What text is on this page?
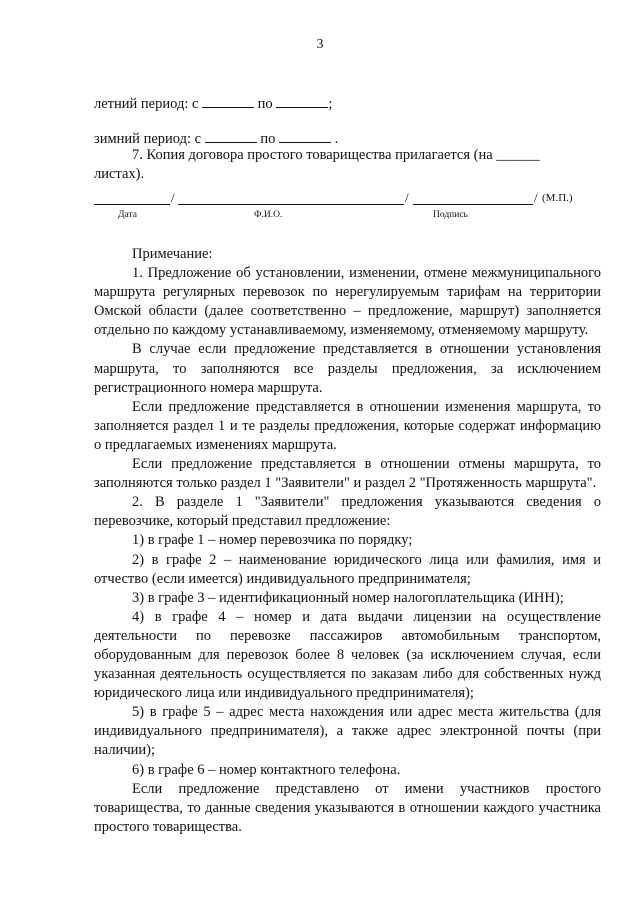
3
летний период: с	по	;
зимний период: с	по	.
7. Копия договора простого товарищества прилагается (на ______
листах).
/	/	/ (М.П.)
Дата	Ф.И.О.	Подпись

Примечание:

1. Предложение об установлении, изменении, отмене межмуниципального маршрута регулярных перевозок по нерегулируемым тарифам на территории Омской области (далее соответственно – предложение, маршрут) заполняется отдельно по каждому устанавливаемому, изменяемому, отменяемому маршруту.

В случае если предложение представляется в отношении установления маршрута, то заполняются все разделы предложения, за исключением регистрационного номера маршрута.

Если предложение представляется в отношении изменения маршрута, то заполняется раздел 1 и те разделы предложения, которые содержат информацию о предлагаемых изменениях маршрута.

Если предложение представляется в отношении отмены маршрута, то заполняются только раздел 1 "Заявители" и раздел 2 "Протяженность маршрута".

2. В разделе 1 "Заявители" предложения указываются сведения о перевозчике, который представил предложение:

1) в графе 1 – номер перевозчика по порядку;

2) в графе 2 – наименование юридического лица или фамилия, имя и отчество (если имеется) индивидуального предпринимателя;

3) в графе 3 – идентификационный номер налогоплательщика (ИНН);

4) в графе 4 – номер и дата выдачи лицензии на осуществление деятельности по перевозке пассажиров автомобильным транспортом, оборудованным для перевозок более 8 человек (за исключением случая, если указанная деятельность осуществляется по заказам либо для собственных нужд юридического лица или индивидуального предпринимателя);

5) в графе 5 – адрес места нахождения или адрес места жительства (для индивидуального предпринимателя), а также адрес электронной почты (при наличии);

6) в графе 6 – номер контактного телефона.

Если предложение представлено от имени участников простого товарищества, то данные сведения указываются в отношении каждого участника простого товарищества.
